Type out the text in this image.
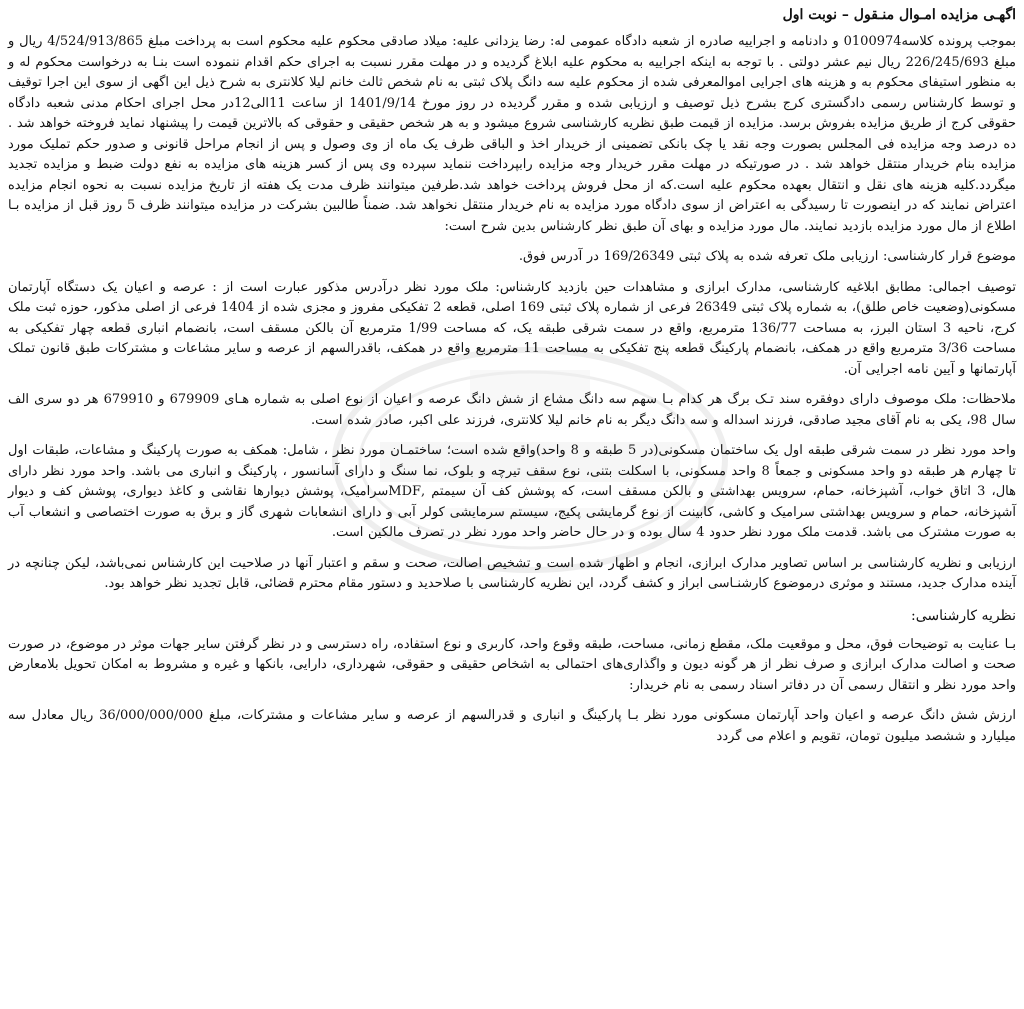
اگهـی مزایده امـوال منـقول – نوبت اول

بموجب پرونده کلاسه0100974 و دادنامه و اجراییه صادره از شعبه دادگاه عمومی له: رضا یزدانی علیه: میلاد صادقی محکوم علیه محکوم است به پرداخت مبلغ 4/524/913/865 ریال و مبلغ 226/245/693 ریال نیم عشر دولتی . با توجه به اینکه اجراییه به محکوم علیه ابلاغ گردیده و در مهلت مقرر نسبت به اجرای حکم اقدام ننموده است بنـا به درخواست محکوم له و به منظور استیفای محکوم به و هزینه های اجرایی اموالمعرفی شده از محکوم علیه سه دانگ پلاک ثبتی به نام شخص ثالث خانم لیلا کلانتری به شرح ذیل این اگهی از سوی این اجرا توقیف و توسط کارشناس رسمی دادگستری کرج بشرح ذیل توصیف و ارزیابی شده و مقرر گردیده در روز مورخ 1401/9/14 از ساعت 11الی12در محل اجرای احکام مدنی شعبه دادگاه حقوقی کرج از طریق مزایده بفروش برسد. مزایده از قیمت طبق نظریه کارشناسی شروع میشود و به هر شخص حقیقی و حقوقی که بالاترین قیمت را پیشنهاد نماید فروخته خواهد شد . ده درصد وجه مزایده فی المجلس بصورت وجه نقد یا چک بانکی تضمینی از خریدار اخذ و الباقی ظرف یک ماه از وی وصول و پس از انجام مراحل قانونی و صدور حکم تملیک مورد مزایده بنام خریدار منتقل خواهد شد . در صورتیکه در مهلت مقرر خریدار وجه مزایده رابپرداخت ننماید سپرده وی پس از کسر هزینه های مزایده به نفع دولت ضبط و مزایده تجدید میگردد.کلیه هزینه های نقل و انتقال بعهده محکوم علیه است.که از محل فروش پرداخت خواهد شد.طرفین میتوانند ظرف مدت یک هفته از تاریخ مزایده نسبت به نحوه انجام مزایده اعتراض نمایند که در اینصورت تا رسیدگی به اعتراض از سوی دادگاه مورد مزایده به نام خریدار منتقل نخواهد شد. ضمناً طالبین بشرکت در مزایده میتوانند ظرف 5 روز قبل از مزایده بـا اطلاع از مال مورد مزایده بازدید نمایند. مال مورد مزایده و بهای آن طبق نظر کارشناس بدین شرح است:

موضوع قرار کارشناسی: ارزیابی ملک تعرفه شده به پلاک ثبتی 169/26349 در آدرس فوق.

توصیف اجمالی: مطابق ابلاغیه کارشناسی، مدارک ابرازی و مشاهدات حین بازدید کارشناس: ملک مورد نظر درآدرس مذکور عبارت است از : عرصه و اعیان یک دستگاه آپارتمان مسکونی(وضعیت خاص طلق)، به شماره پلاک ثبتی 26349 فرعی از شماره پلاک ثبتی 169 اصلی، قطعه 2 تفکیکی مفروز و مجزی شده از 1404 فرعی از اصلی مذکور، حوزه ثبت ملک کرج، ناحیه 3 استان البرز، به مساحت 136/77 مترمربع، واقع در سمت شرقی طبقه یک، که مساحت 1/99 مترمربع آن بالکن مسقف است، بانضمام انباری قطعه چهار تفکیکی به مساحت 3/36 مترمربع واقع در همکف، بانضمام پارکینگ قطعه پنج تفکیکی به مساحت 11 مترمربع واقع در همکف، باقدرالسهم از عرصه و سایر مشاعات و مشترکات طبق قانون تملک آپارتمانها و آیین نامه اجرایی آن.

ملاحظات: ملک موصوف دارای دوفقره سند تـک برگ هر کدام بـا سهم سه دانگ مشاع از شش دانگ عرصه و اعیان از نوع اصلی به شماره هـای 679909 و 679910 هر دو سری الف سال 98، یکی به نام آقای مجید صادقی، فرزند اسداله و سه دانگ دیگر به نام خانم لیلا کلانتری، فرزند علی اکبر، صادر شده است.

واحد مورد نظر در سمت شرقی طبقه اول یک ساختمان مسکونی(در 5 طبقه و 8 واحد)واقع شده است؛ ساختمـان مورد نظر ، شامل: همکف به صورت پارکینگ و مشاعات، طبقات اول تا چهارم هر طبقه دو واحد مسکونی و جمعاً 8 واحد مسکونی، با اسکلت بتنی، نوع سقف تیرچه و بلوک، نما سنگ و دارای آسانسور ، پارکینگ و انباری می باشد. واحد مورد نظر دارای هال، 3 اتاق خواب، آشپزخانه، حمام، سرویس بهداشتی و بالکن مسقف است، که پوشش کف آن سیمتم ,MDFسرامیک، پوشش دیوارها نقاشی و کاغذ دیواری، پوشش کف و دیوار آشپزخانه، حمام و سرویس بهداشتی سرامیک و کاشی، کابینت از نوع گرمایشی پکیج، سیستم سرمایشی کولر آبی و دارای انشعابات شهری گاز و برق به صورت اختصاصی و انشعاب آب به صورت مشترک می باشد. قدمت ملک مورد نظر حدود 4 سال بوده و در حال حاضر واحد مورد نظر در تصرف مالکین است.

ارزیابی و نظریه کارشناسی بر اساس تصاویر مدارک ابرازی، انجام و اظهار شده است و تشخیص اصالت، صحت و سقم و اعتبار آنها در صلاحیت این کارشناس نمی‌باشد، لیکن چنانچه در آینده مدارک جدید، مستند و موثری درموضوع کارشنـاسی ابراز و کشف گردد، این نظریه کارشناسی با صلاحدید و دستور مقام محترم قضائی، قابل تجدید نظر خواهد بود.

نظریه کارشناسی:

بـا عنایت به توضیحات فوق، محل و موقعیت ملک، مقطع زمانی، مساحت، طبقه وقوع واحد، کاربری و نوع استفاده، راه دسترسی و در نظر گرفتن سایر جهات موثر در موضوع، در صورت صحت و اصالت مدارک ابرازی و صرف نظر از هر گونه دیون و واگذاری‌های احتمالی به اشخاص حقیقی و حقوقی، شهرداری، دارایی، بانکها و غیره و مشروط به امکان تحویل بلامعارض واحد مورد نظر و انتقال رسمی آن در دفاتر اسناد رسمی به نام خریدار:

ارزش شش دانگ عرصه و اعیان واحد آپارتمان مسکونی مورد نظر بـا پارکینگ و انباری و قدرالسهم از عرصه و سایر مشاعات و مشترکات، مبلغ 36/000/000/000 ریال معادل سه میلیارد و ششصد میلیون تومان، تقویم و اعلام می گردد
